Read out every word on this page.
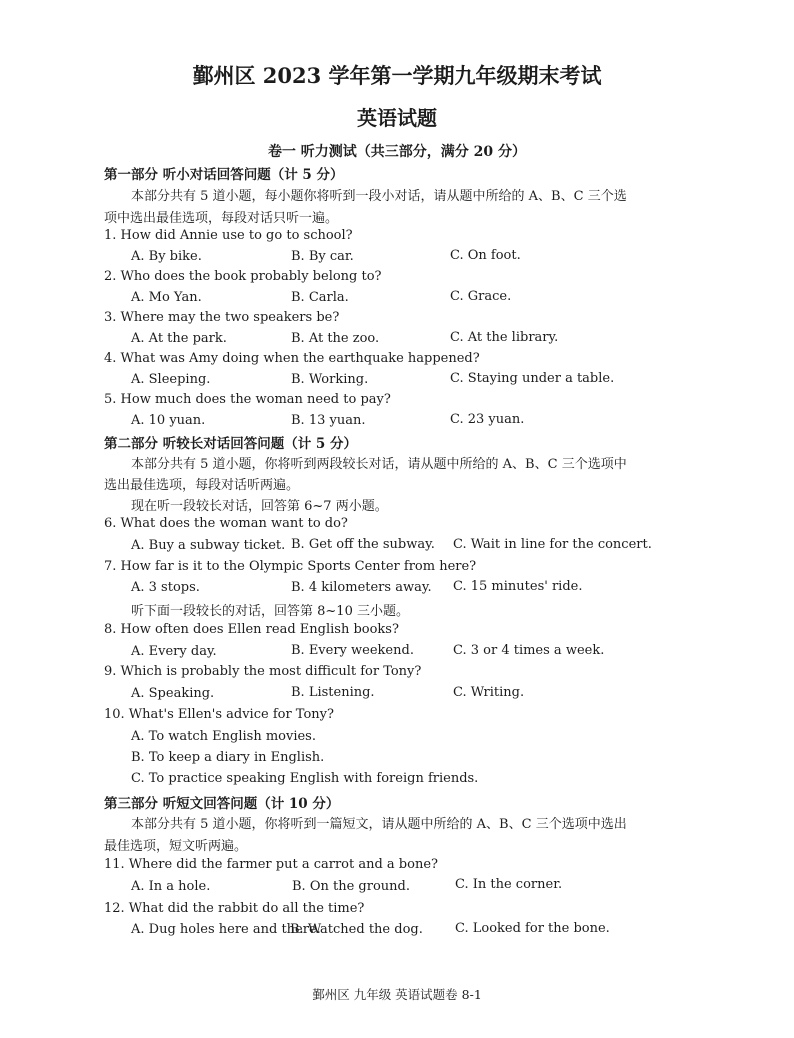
鄞州区 2023 学年第一学期九年级期末考试
英语试题
卷一 听力测试（共三部分，满分 20 分）
第一部分 听小对话回答问题（计 5 分）
本部分共有 5 道小题，每小题你将听到一段小对话，请从题中所给的 A、B、C 三个选
项中选出最佳选项，每段对话只听一遍。
1. How did Annie use to go to school?
A. By bike.	B. By car.	C. On foot.
2. Who does the book probably belong to?
A. Mo Yan.	B. Carla.	C. Grace.
3. Where may the two speakers be?
A. At the park.	B. At the zoo.	C. At the library.
4. What was Amy doing when the earthquake happened?
A. Sleeping.	B. Working.	C. Staying under a table.
5. How much does the woman need to pay?
A. 10 yuan.	B. 13 yuan.	C. 23 yuan.
第二部分 听较长对话回答问题（计 5 分）
本部分共有 5 道小题，你将听到两段较长对话，请从题中所给的 A、B、C 三个选项中
选出最佳选项，每段对话听两遍。
现在听一段较长对话，回答第 6~7 两小题。
6. What does the woman want to do?
A. Buy a subway ticket. B. Get off the subway. C. Wait in line for the concert.
7. How far is it to the Olympic Sports Center from here?
A. 3 stops.	B. 4 kilometers away. C. 15 minutes' ride.
听下面一段较长的对话，回答第 8~10 三小题。
8. How often does Ellen read English books?
A. Every day.	B. Every weekend.	C. 3 or 4 times a week.
9. Which is probably the most difficult for Tony?
A. Speaking.	B. Listening.	C. Writing.
10. What's Ellen's advice for Tony?
A. To watch English movies.
B. To keep a diary in English.
C. To practice speaking English with foreign friends.
第三部分 听短文回答问题（计 10 分）
本部分共有 5 道小题，你将听到一篇短文，请从题中所给的 A、B、C 三个选项中选出
最佳选项，短文听两遍。
11. Where did the farmer put a carrot and a bone?
A. In a hole.	B. On the ground.	C. In the corner.
12. What did the rabbit do all the time?
A. Dug holes here and there.
B. Watched the dog. C. Looked for the bone.
鄞州区 九年级 英语试题卷 8-1
